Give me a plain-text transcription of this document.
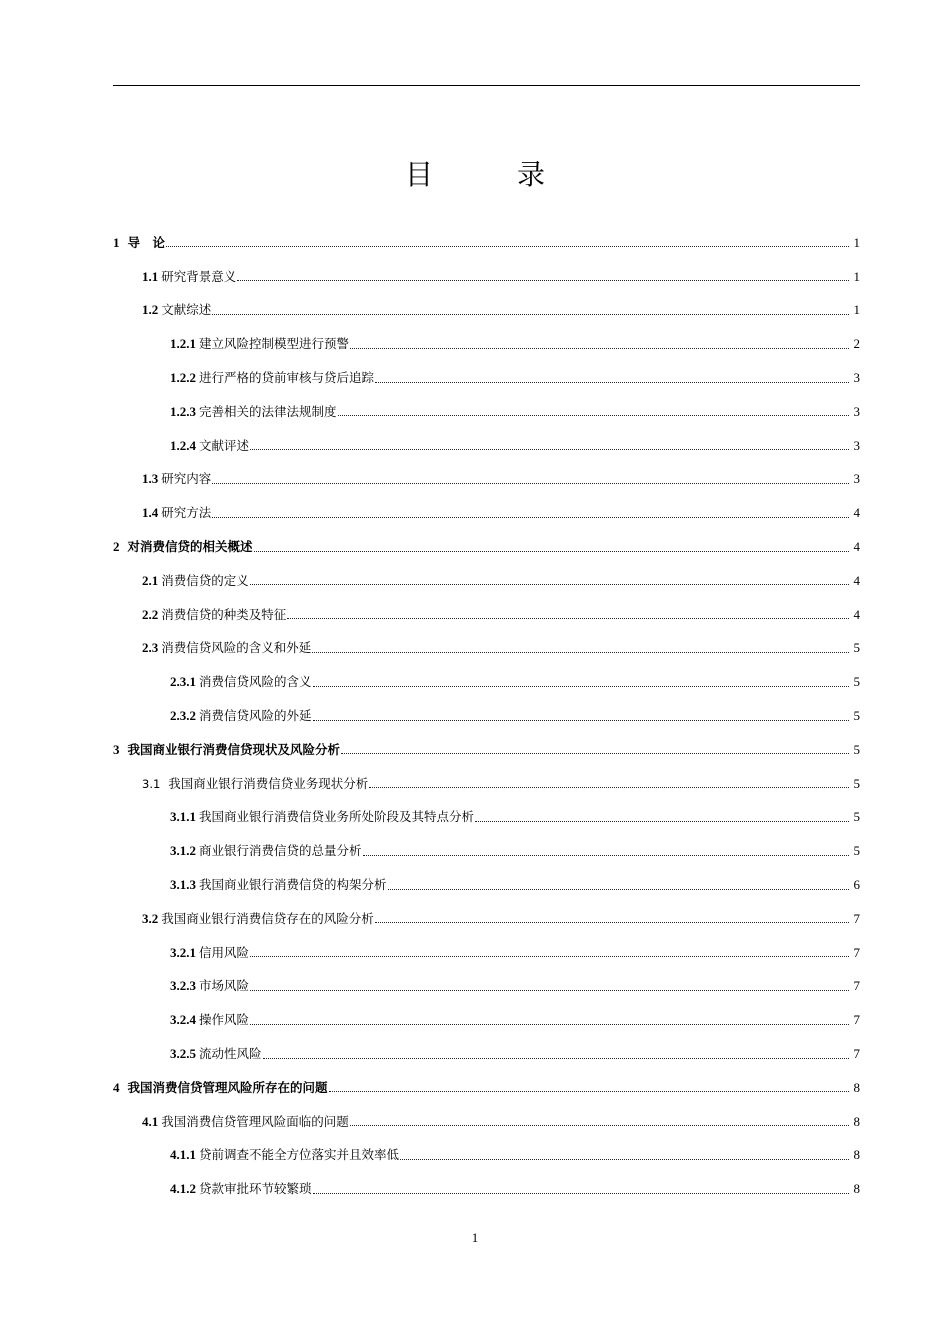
目　录
1 导　论	1
1.1 研究背景意义	1
1.2 文献综述	1
1.2.1 建立风险控制模型进行预警	2
1.2.2 进行严格的贷前审核与贷后追踪	3
1.2.3 完善相关的法律法规制度	3
1.2.4 文献评述	3
1.3 研究内容	3
1.4 研究方法	4
2 对消费信贷的相关概述	4
2.1 消费信贷的定义	4
2.2 消费信贷的种类及特征	4
2.3 消费信贷风险的含义和外延	5
2.3.1 消费信贷风险的含义	5
2.3.2 消费信贷风险的外延	5
3 我国商业银行消费信贷现状及风险分析	5
3.1 我国商业银行消费信贷业务现状分析	5
3.1.1 我国商业银行消费信贷业务所处阶段及其特点分析	5
3.1.2 商业银行消费信贷的总量分析	5
3.1.3 我国商业银行消费信贷的构架分析	6
3.2 我国商业银行消费信贷存在的风险分析	7
3.2.1 信用风险	7
3.2.3 市场风险	7
3.2.4 操作风险	7
3.2.5 流动性风险	7
4 我国消费信贷管理风险所存在的问题	8
4.1 我国消费信贷管理风险面临的问题	8
4.1.1 贷前调查不能全方位落实并且效率低	8
4.1.2 贷款审批环节较繁琐	8
1
